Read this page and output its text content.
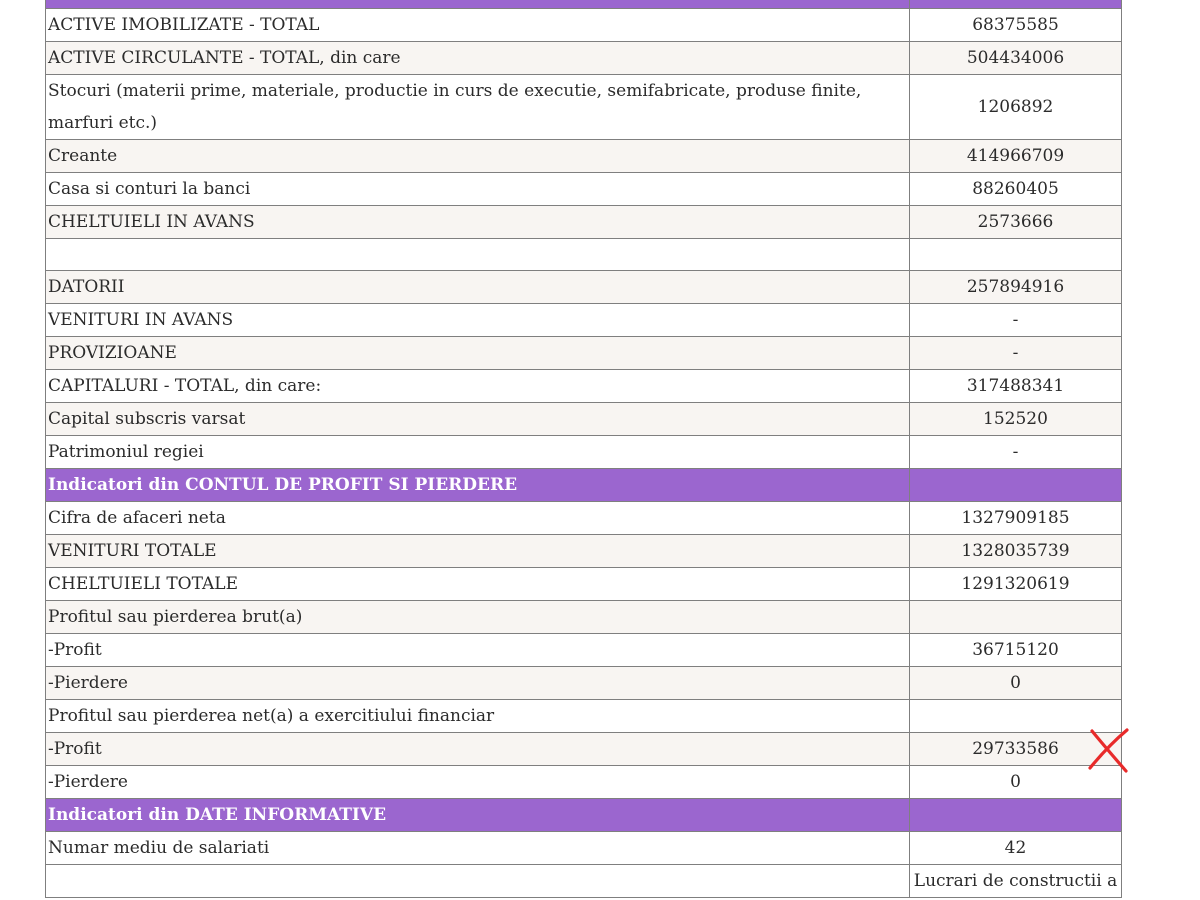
ACTIVE IMOBILIZATE - TOTAL	68375585
ACTIVE CIRCULANTE - TOTAL, din care	504434006
Stocuri (materii prime, materiale, productie in curs de executie, semifabricate, produse finite, marfuri etc.)	1206892
Creante	414966709
Casa si conturi la banci	88260405
CHELTUIELI IN AVANS	2573666

DATORII	257894916
VENITURI IN AVANS	-
PROVIZIOANE	-
CAPITALURI - TOTAL, din care:	317488341
Capital subscris varsat	152520
Patrimoniul regiei	-
Indicatori din CONTUL DE PROFIT SI PIERDERE	
Cifra de afaceri neta	1327909185
VENITURI TOTALE	1328035739
CHELTUIELI TOTALE	1291320619
Profitul sau pierderea brut(a)	
-Profit	36715120
-Pierdere	0
Profitul sau pierderea net(a) a exercitiului financiar	
-Profit	29733586
-Pierdere	0
Indicatori din DATE INFORMATIVE	
Numar mediu de salariati	42
	Lucrari de constructii a
